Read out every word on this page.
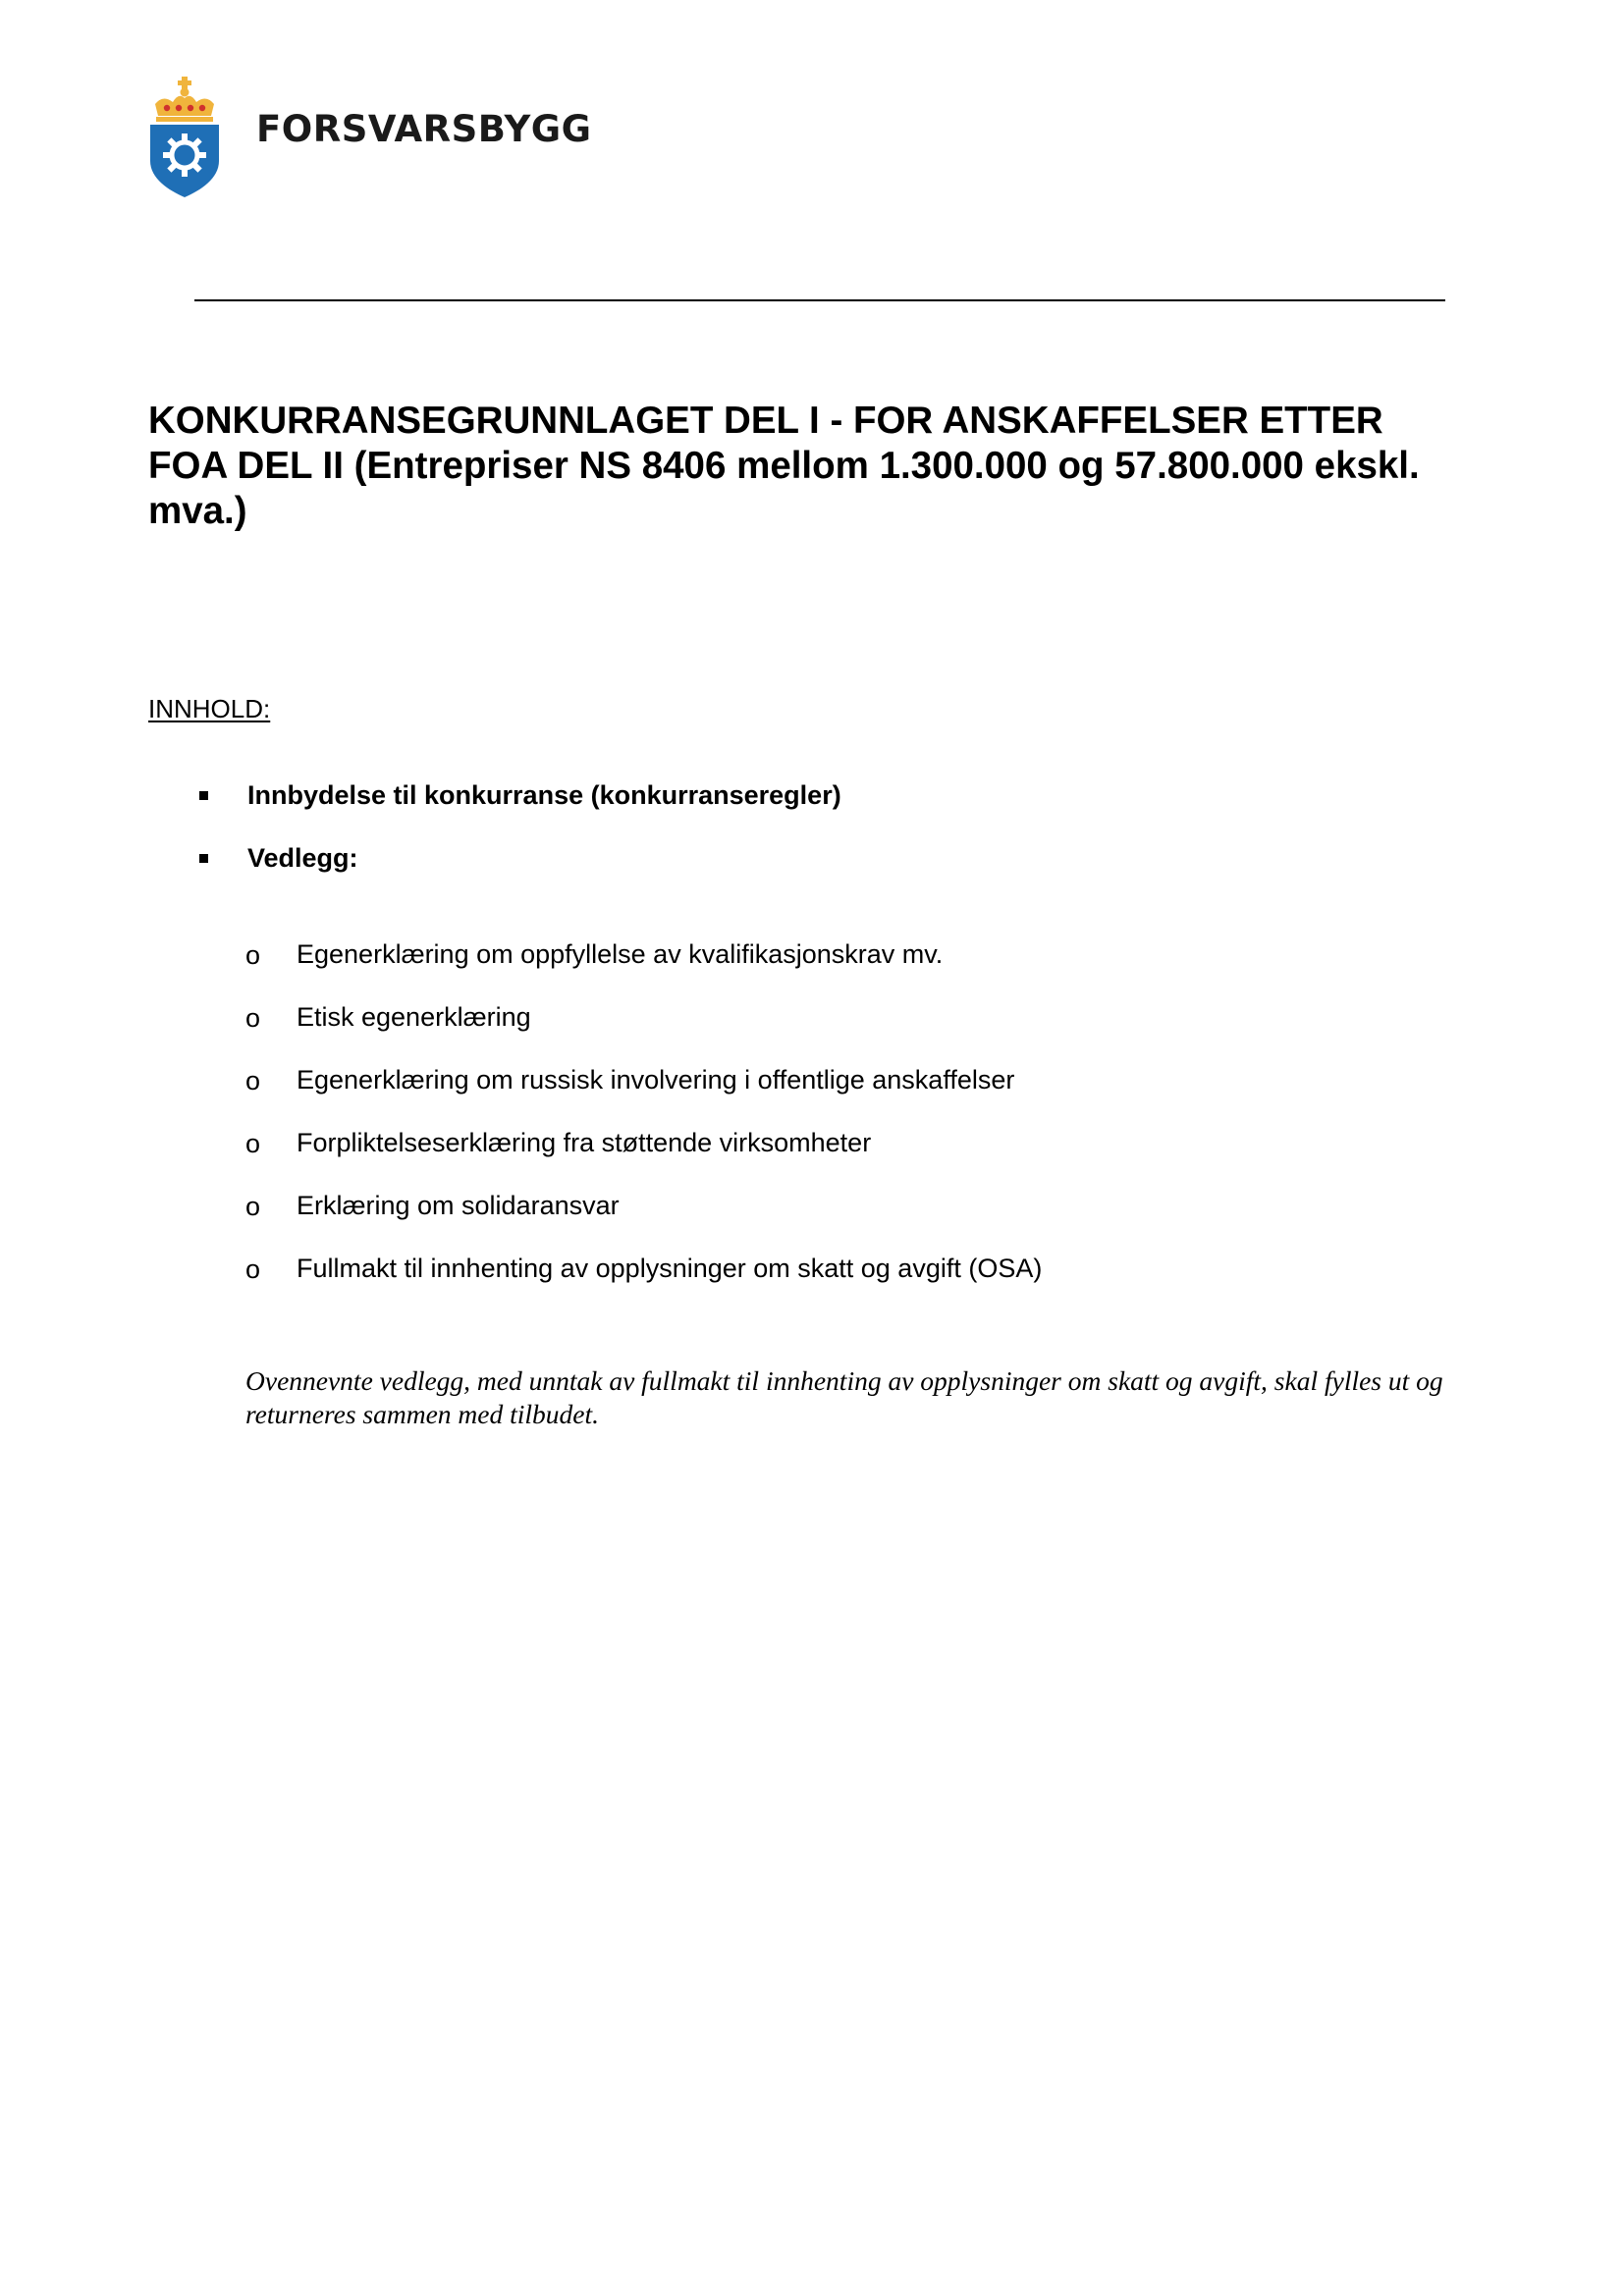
FORSVARSBYGG
KONKURRANSEGRUNNLAGET DEL I - FOR ANSKAFFELSER ETTER
FOA DEL II (Entrepriser NS 8406 mellom 1.300.000 og 57.800.000 ekskl.
mva.)
INNHOLD:
Innbydelse til konkurranse (konkurranseregler)
Vedlegg:
o Egenerklæring om oppfyllelse av kvalifikasjonskrav mv.
o Etisk egenerklæring
o Egenerklæring om russisk involvering i offentlige anskaffelser
o Forpliktelseserklæring fra støttende virksomheter
o Erklæring om solidaransvar
o Fullmakt til innhenting av opplysninger om skatt og avgift (OSA)

Ovennevnte vedlegg, med unntak av fullmakt til innhenting av opplysninger om skatt og avgift, skal fylles ut og returneres sammen med tilbudet.
